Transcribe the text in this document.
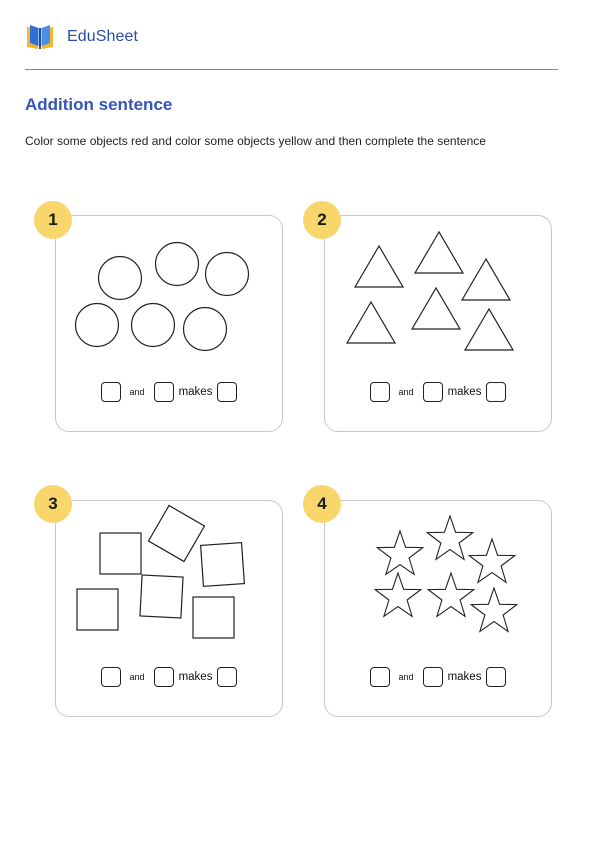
EduSheet
Addition sentence

Color some objects red and color some objects yellow and then complete the sentence

and	makes
1
and	makes
2
and	makes
3
and	makes
4
